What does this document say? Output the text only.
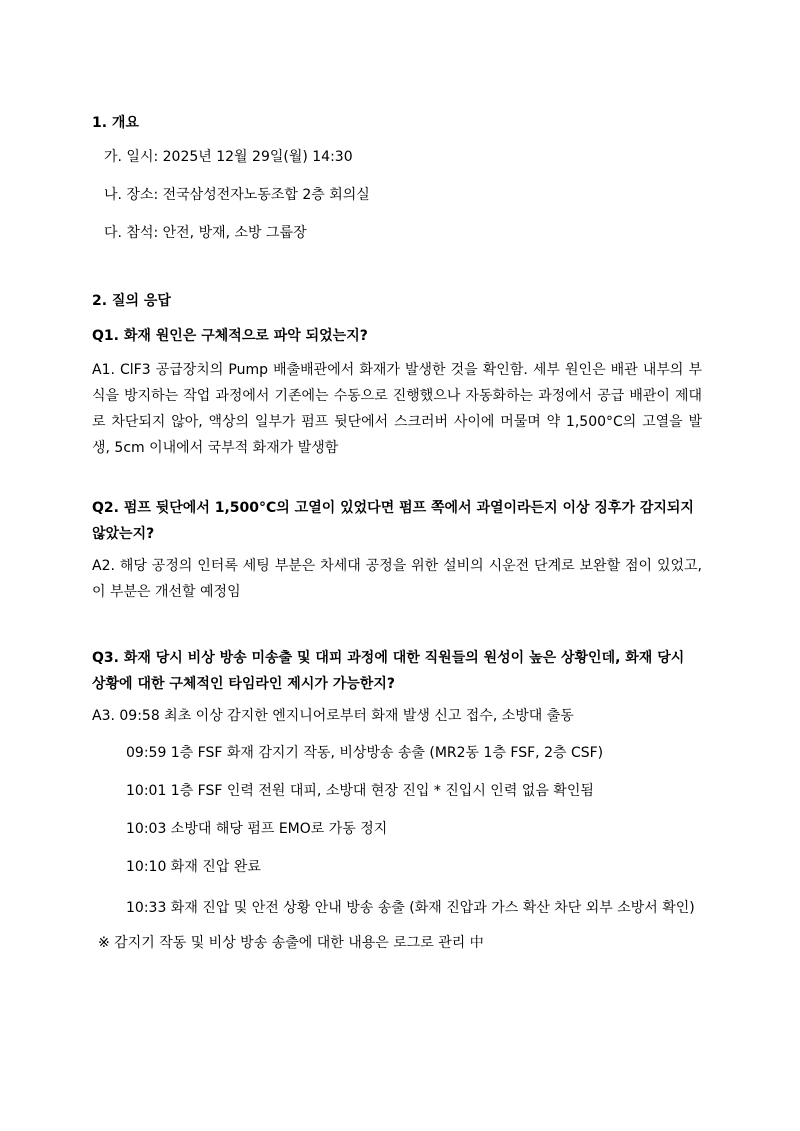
1. 개요

가. 일시: 2025년 12월 29일(월) 14:30

나. 장소: 전국삼성전자노동조합 2층 회의실

다. 참석: 안전, 방재, 소방 그룹장

2. 질의 응답

Q1. 화재 원인은 구체적으로 파악 되었는지?

A1. ClF3 공급장치의 Pump 배출배관에서 화재가 발생한 것을 확인함. 세부 원인은 배관 내부의 부식을 방지하는 작업 과정에서 기존에는 수동으로 진행했으나 자동화하는 과정에서 공급 배관이 제대로 차단되지 않아, 액상의 일부가 펌프 뒷단에서 스크러버 사이에 머물며 약 1,500°C의 고열을 발생, 5cm 이내에서 국부적 화재가 발생함

Q2. 펌프 뒷단에서 1,500°C의 고열이 있었다면 펌프 쪽에서 과열이라든지 이상 징후가 감지되지 않았는지?

A2. 해당 공정의 인터록 세팅 부분은 차세대 공정을 위한 설비의 시운전 단계로 보완할 점이 있었고, 이 부분은 개선할 예정임

Q3. 화재 당시 비상 방송 미송출 및 대피 과정에 대한 직원들의 원성이 높은 상황인데, 화재 당시 상황에 대한 구체적인 타임라인 제시가 가능한지?

A3. 09:58 최초 이상 감지한 엔지니어로부터 화재 발생 신고 접수, 소방대 출동

09:59 1층 FSF 화재 감지기 작동, 비상방송 송출 (MR2동 1층 FSF, 2층 CSF)

10:01 1층 FSF 인력 전원 대피, 소방대 현장 진입 * 진입시 인력 없음 확인됨

10:03 소방대 해당 펌프 EMO로 가동 정지

10:10 화재 진압 완료

10:33 화재 진압 및 안전 상황 안내 방송 송출 (화재 진압과 가스 확산 차단 외부 소방서 확인)

※ 감지기 작동 및 비상 방송 송출에 대한 내용은 로그로 관리 中
